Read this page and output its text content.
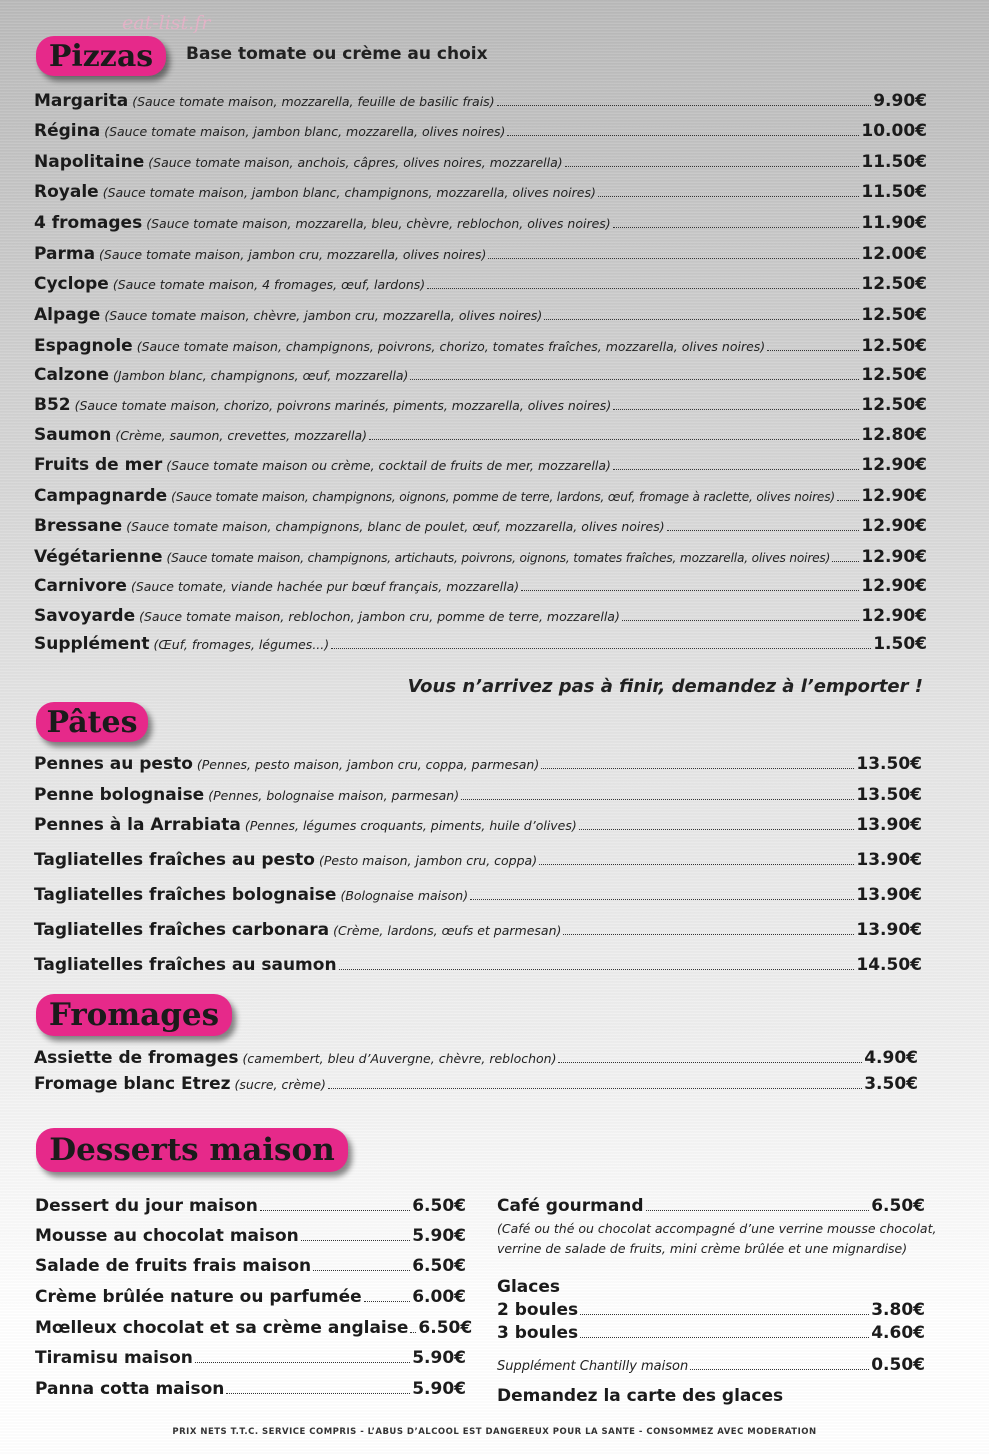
eat-list.fr
Pizzas	Base tomate ou crème au choix
Margarita (Sauce tomate maison, mozzarella, feuille de basilic frais)	9.90€
Régina (Sauce tomate maison, jambon blanc, mozzarella, olives noires)	10.00€
Napolitaine (Sauce tomate maison, anchois, câpres, olives noires, mozzarella)	11.50€
Royale (Sauce tomate maison, jambon blanc, champignons, mozzarella, olives noires)	11.50€
4 fromages (Sauce tomate maison, mozzarella, bleu, chèvre, reblochon, olives noires)	11.90€
Parma (Sauce tomate maison, jambon cru, mozzarella, olives noires)	12.00€
Cyclope (Sauce tomate maison, 4 fromages, œuf, lardons)	12.50€
Alpage (Sauce tomate maison, chèvre, jambon cru, mozzarella, olives noires)	12.50€
Espagnole (Sauce tomate maison, champignons, poivrons, chorizo, tomates fraîches, mozzarella, olives noires)	12.50€
Calzone (Jambon blanc, champignons, œuf, mozzarella)	12.50€
B52 (Sauce tomate maison, chorizo, poivrons marinés, piments, mozzarella, olives noires)	12.50€
Saumon (Crème, saumon, crevettes, mozzarella)	12.80€
Fruits de mer (Sauce tomate maison ou crème, cocktail de fruits de mer, mozzarella)	12.90€
Campagnarde (Sauce tomate maison, champignons, oignons, pomme de terre, lardons, œuf, fromage à raclette, olives noires) 12.90€
Bressane (Sauce tomate maison, champignons, blanc de poulet, œuf, mozzarella, olives noires)	12.90€
Végétarienne (Sauce tomate maison, champignons, artichauts, poivrons, oignons, tomates fraîches, mozzarella, olives noires) 12.90€
Carnivore (Sauce tomate, viande hachée pur bœuf français, mozzarella)	12.90€
Savoyarde (Sauce tomate maison, reblochon, jambon cru, pomme de terre, mozzarella)	12.90€
Supplément (Œuf, fromages, légumes...)	1.50€
Vous n’arrivez pas à finir, demandez à l’emporter !
Pâtes
Pennes au pesto (Pennes, pesto maison, jambon cru, coppa, parmesan)	13.50€
Penne bolognaise (Pennes, bolognaise maison, parmesan)	13.50€
Pennes à la Arrabiata (Pennes, légumes croquants, piments, huile d’olives)	13.90€
Tagliatelles fraîches au pesto (Pesto maison, jambon cru, coppa)	13.90€
Tagliatelles fraîches bolognaise (Bolognaise maison)	13.90€
Tagliatelles fraîches carbonara (Crème, lardons, œufs et parmesan)	13.90€
Tagliatelles fraîches au saumon	14.50€
Fromages
Assiette de fromages (camembert, bleu d’Auvergne, chèvre, reblochon)	4.90€
Fromage blanc Etrez (sucre, crème)	3.50€
Desserts maison
Dessert du jour maison	6.50€
Mousse au chocolat maison	5.90€
Salade de fruits frais maison	6.50€
Crème brûlée nature ou parfumée	6.00€
Mœlleux chocolat et sa crème anglaise 6.50€
Tiramisu maison	5.90€
Panna cotta maison	5.90€
Café gourmand	6.50€
(Café ou thé ou chocolat accompagné d’une verrine mousse chocolat,
verrine de salade de fruits, mini crème brûlée et une mignardise)
Glaces
2 boules	3.80€
3 boules	4.60€
Supplément Chantilly maison	0.50€
Demandez la carte des glaces
PRIX NETS T.T.C. SERVICE COMPRIS - L’ABUS D’ALCOOL EST DANGEREUX POUR LA SANTE - CONSOMMEZ AVEC MODERATION
